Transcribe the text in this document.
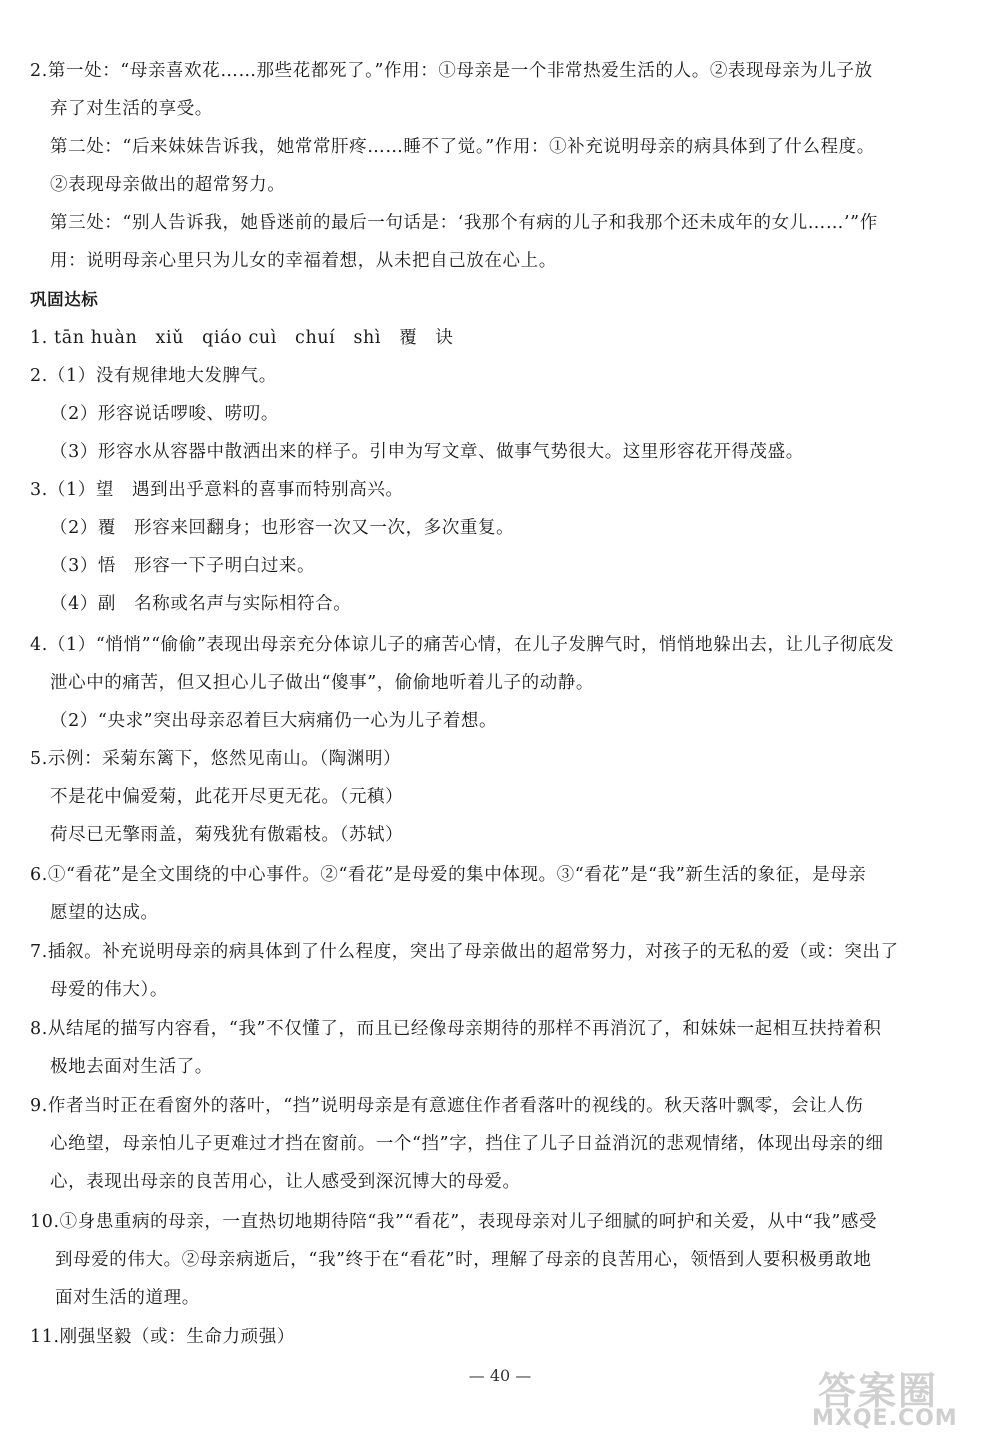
2.第一处：“母亲喜欢花……那些花都死了。”作用：①母亲是一个非常热爱生活的人。②表现母亲为儿子放
弃了对生活的享受。
第二处：“后来妹妹告诉我，她常常肝疼……睡不了觉。”作用：①补充说明母亲的病具体到了什么程度。
②表现母亲做出的超常努力。
第三处：“别人告诉我，她昏迷前的最后一句话是：‘我那个有病的儿子和我那个还未成年的女儿……’”作
用：说明母亲心里只为儿女的幸福着想，从未把自己放在心上。
巩固达标
1. tān huàn　xiǔ　qiáo cuì　chuí　shì　覆　诀
2.（1）没有规律地大发脾气。
（2）形容说话啰唆、唠叨。
（3）形容水从容器中散洒出来的样子。引申为写文章、做事气势很大。这里形容花开得茂盛。
3.（1）望　遇到出乎意料的喜事而特别高兴。
（2）覆　形容来回翻身；也形容一次又一次，多次重复。
（3）悟　形容一下子明白过来。
（4）副　名称或名声与实际相符合。
4.（1）“悄悄”“偷偷”表现出母亲充分体谅儿子的痛苦心情，在儿子发脾气时，悄悄地躲出去，让儿子彻底发
泄心中的痛苦，但又担心儿子做出“傻事”，偷偷地听着儿子的动静。
（2）“央求”突出母亲忍着巨大病痛仍一心为儿子着想。
5.示例：采菊东篱下，悠然见南山。（陶渊明）
不是花中偏爱菊，此花开尽更无花。（元稹）
荷尽已无擎雨盖，菊残犹有傲霜枝。（苏轼）
6.①“看花”是全文围绕的中心事件。②“看花”是母爱的集中体现。③“看花”是“我”新生活的象征，是母亲
愿望的达成。
7.插叙。补充说明母亲的病具体到了什么程度，突出了母亲做出的超常努力，对孩子的无私的爱（或：突出了
母爱的伟大）。
8.从结尾的描写内容看，“我”不仅懂了，而且已经像母亲期待的那样不再消沉了，和妹妹一起相互扶持着积
极地去面对生活了。
9.作者当时正在看窗外的落叶，“挡”说明母亲是有意遮住作者看落叶的视线的。秋天落叶飘零，会让人伤
心绝望，母亲怕儿子更难过才挡在窗前。一个“挡”字，挡住了儿子日益消沉的悲观情绪，体现出母亲的细
心，表现出母亲的良苦用心，让人感受到深沉博大的母爱。
10.①身患重病的母亲，一直热切地期待陪“我”“看花”，表现母亲对儿子细腻的呵护和关爱，从中“我”感受
到母爱的伟大。②母亲病逝后，“我”终于在“看花”时，理解了母亲的良苦用心，领悟到人要积极勇敢地
面对生活的道理。
11.刚强坚毅（或：生命力顽强）
— 40 —	答案圈
MXQE.COM
